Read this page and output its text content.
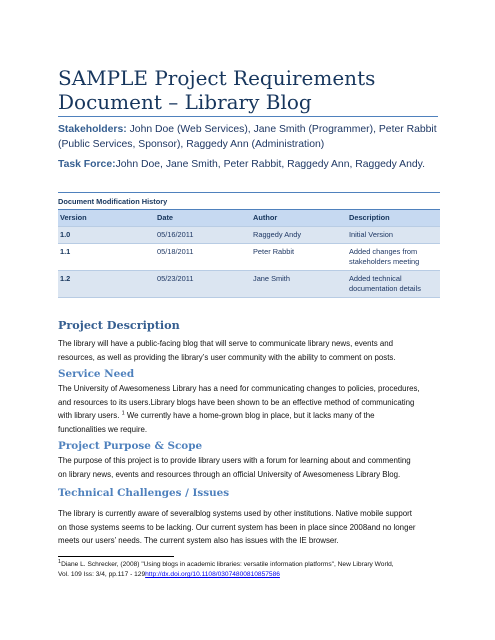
SAMPLE Project Requirements
Document – Library Blog
Stakeholders: John Doe (Web Services), Jane Smith (Programmer), Peter Rabbit
(Public Services, Sponsor), Raggedy Ann (Administration)
Task Force:John Doe, Jane Smith, Peter Rabbit, Raggedy Ann, Raggedy Andy.
Document Modification History
Version	Date	Author	Description
1.0	05/16/2011	Raggedy Andy	Initial Version
1.1	05/18/2011	Peter Rabbit	Added changes from
stakeholders meeting
1.2	05/23/2011	Jane Smith	Added technical
documentation details
Project Description
The library will have a public-facing blog that will serve to communicate library news, events and
resources, as well as providing the library’s user community with the ability to comment on posts.
Service Need
The University of Awesomeness Library has a need for communicating changes to policies, procedures,
and resources to its users.Library blogs have been shown to be an effective method of communicating
with library users. $^1$ We currently have a home-grown blog in place, but it lacks many of the
functionalities we require.
Project Purpose & Scope
The purpose of this project is to provide library users with a forum for learning about and commenting
on library news, events and resources through an official University of Awesomeness Library Blog.
Technical Challenges / Issues
The library is currently aware of severalblog systems used by other institutions. Native mobile support
on those systems seems to be lacking. Our current system has been in place since 2008and no longer
meets our users’ needs. The current system also has issues with the IE browser.
$^1$Diane L. Schrecker, (2008) "Using blogs in academic libraries: versatile information platforms", New Library World,
Vol. 109 Iss: 3/4, pp.117 - 129http://dx.doi.org/10.1108/03074800810857586
